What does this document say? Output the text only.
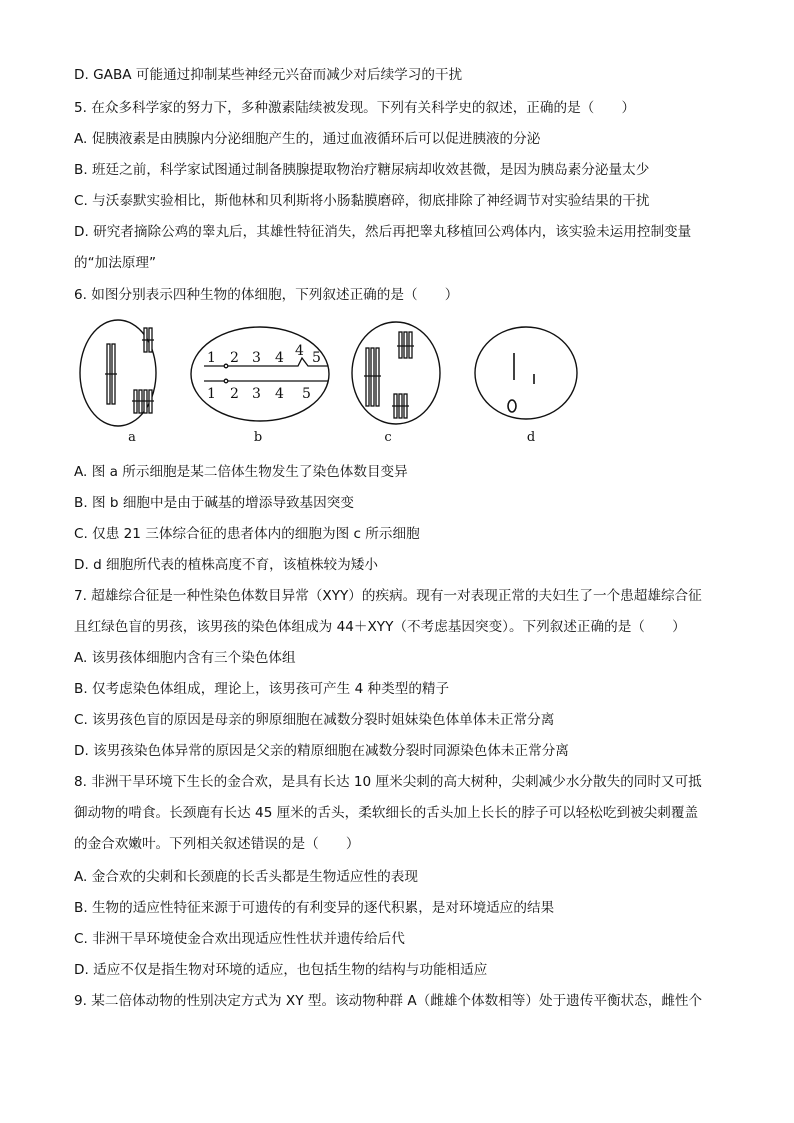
D. GABA 可能通过抑制某些神经元兴奋而减少对后续学习的干扰
5. 在众多科学家的努力下，多种激素陆续被发现。下列有关科学史的叙述，正确的是（　　）
A. 促胰液素是由胰腺内分泌细胞产生的，通过血液循环后可以促进胰液的分泌
B. 班廷之前，科学家试图通过制备胰腺提取物治疗糖尿病却收效甚微，是因为胰岛素分泌量太少
C. 与沃泰默实验相比，斯他林和贝利斯将小肠黏膜磨碎，彻底排除了神经调节对实验结果的干扰
D. 研究者摘除公鸡的睾丸后，其雄性特征消失，然后再把睾丸移植回公鸡体内，该实验未运用控制变量
的“加法原理”
6. 如图分别表示四种生物的体细胞，下列叙述正确的是（　　）
1 2 3 4 4 5
1 2 3 4 5
a	b	c	d
A. 图 a 所示细胞是某二倍体生物发生了染色体数目变异
B. 图 b 细胞中是由于碱基的增添导致基因突变
C. 仅患 21 三体综合征的患者体内的细胞为图 c 所示细胞
D. d 细胞所代表的植株高度不育，该植株较为矮小
7. 超雄综合征是一种性染色体数目异常（XYY）的疾病。现有一对表现正常的夫妇生了一个患超雄综合征
且红绿色盲的男孩，该男孩的染色体组成为 44＋XYY（不考虑基因突变）。下列叙述正确的是（　　）
A. 该男孩体细胞内含有三个染色体组
B. 仅考虑染色体组成，理论上，该男孩可产生 4 种类型的精子
C. 该男孩色盲的原因是母亲的卵原细胞在减数分裂时姐妹染色体单体未正常分离
D. 该男孩染色体异常的原因是父亲的精原细胞在减数分裂时同源染色体未正常分离
8. 非洲干旱环境下生长的金合欢，是具有长达 10 厘米尖刺的高大树种，尖刺减少水分散失的同时又可抵
御动物的啃食。长颈鹿有长达 45 厘米的舌头，柔软细长的舌头加上长长的脖子可以轻松吃到被尖刺覆盖
的金合欢嫩叶。下列相关叙述错误的是（　　）
A. 金合欢的尖刺和长颈鹿的长舌头都是生物适应性的表现
B. 生物的适应性特征来源于可遗传的有利变异的逐代积累，是对环境适应的结果
C. 非洲干旱环境使金合欢出现适应性性状并遗传给后代
D. 适应不仅是指生物对环境的适应，也包括生物的结构与功能相适应
9. 某二倍体动物的性别决定方式为 XY 型。该动物种群 A（雌雄个体数相等）处于遗传平衡状态，雌性个
